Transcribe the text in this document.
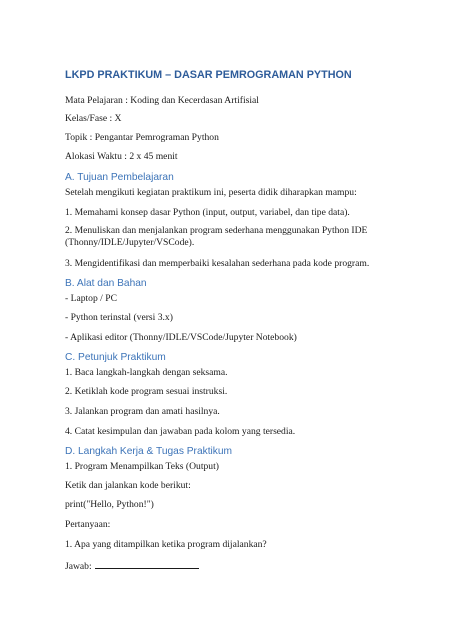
LKPD PRAKTIKUM – DASAR PEMROGRAMAN PYTHON
Mata Pelajaran : Koding dan Kecerdasan Artifisial
Kelas/Fase : X
Topik : Pengantar Pemrograman Python
Alokasi Waktu : 2 x 45 menit
A. Tujuan Pembelajaran
Setelah mengikuti kegiatan praktikum ini, peserta didik diharapkan mampu:
1. Memahami konsep dasar Python (input, output, variabel, dan tipe data).
2. Menuliskan dan menjalankan program sederhana menggunakan Python IDE (Thonny/IDLE/Jupyter/VSCode).
3. Mengidentifikasi dan memperbaiki kesalahan sederhana pada kode program.
B. Alat dan Bahan
- Laptop / PC
- Python terinstal (versi 3.x)
- Aplikasi editor (Thonny/IDLE/VSCode/Jupyter Notebook)
C. Petunjuk Praktikum
1. Baca langkah-langkah dengan seksama.
2. Ketiklah kode program sesuai instruksi.
3. Jalankan program dan amati hasilnya.
4. Catat kesimpulan dan jawaban pada kolom yang tersedia.
D. Langkah Kerja & Tugas Praktikum
1. Program Menampilkan Teks (Output)
Ketik dan jalankan kode berikut:
print("Hello, Python!")
Pertanyaan:
1. Apa yang ditampilkan ketika program dijalankan?
Jawab:
